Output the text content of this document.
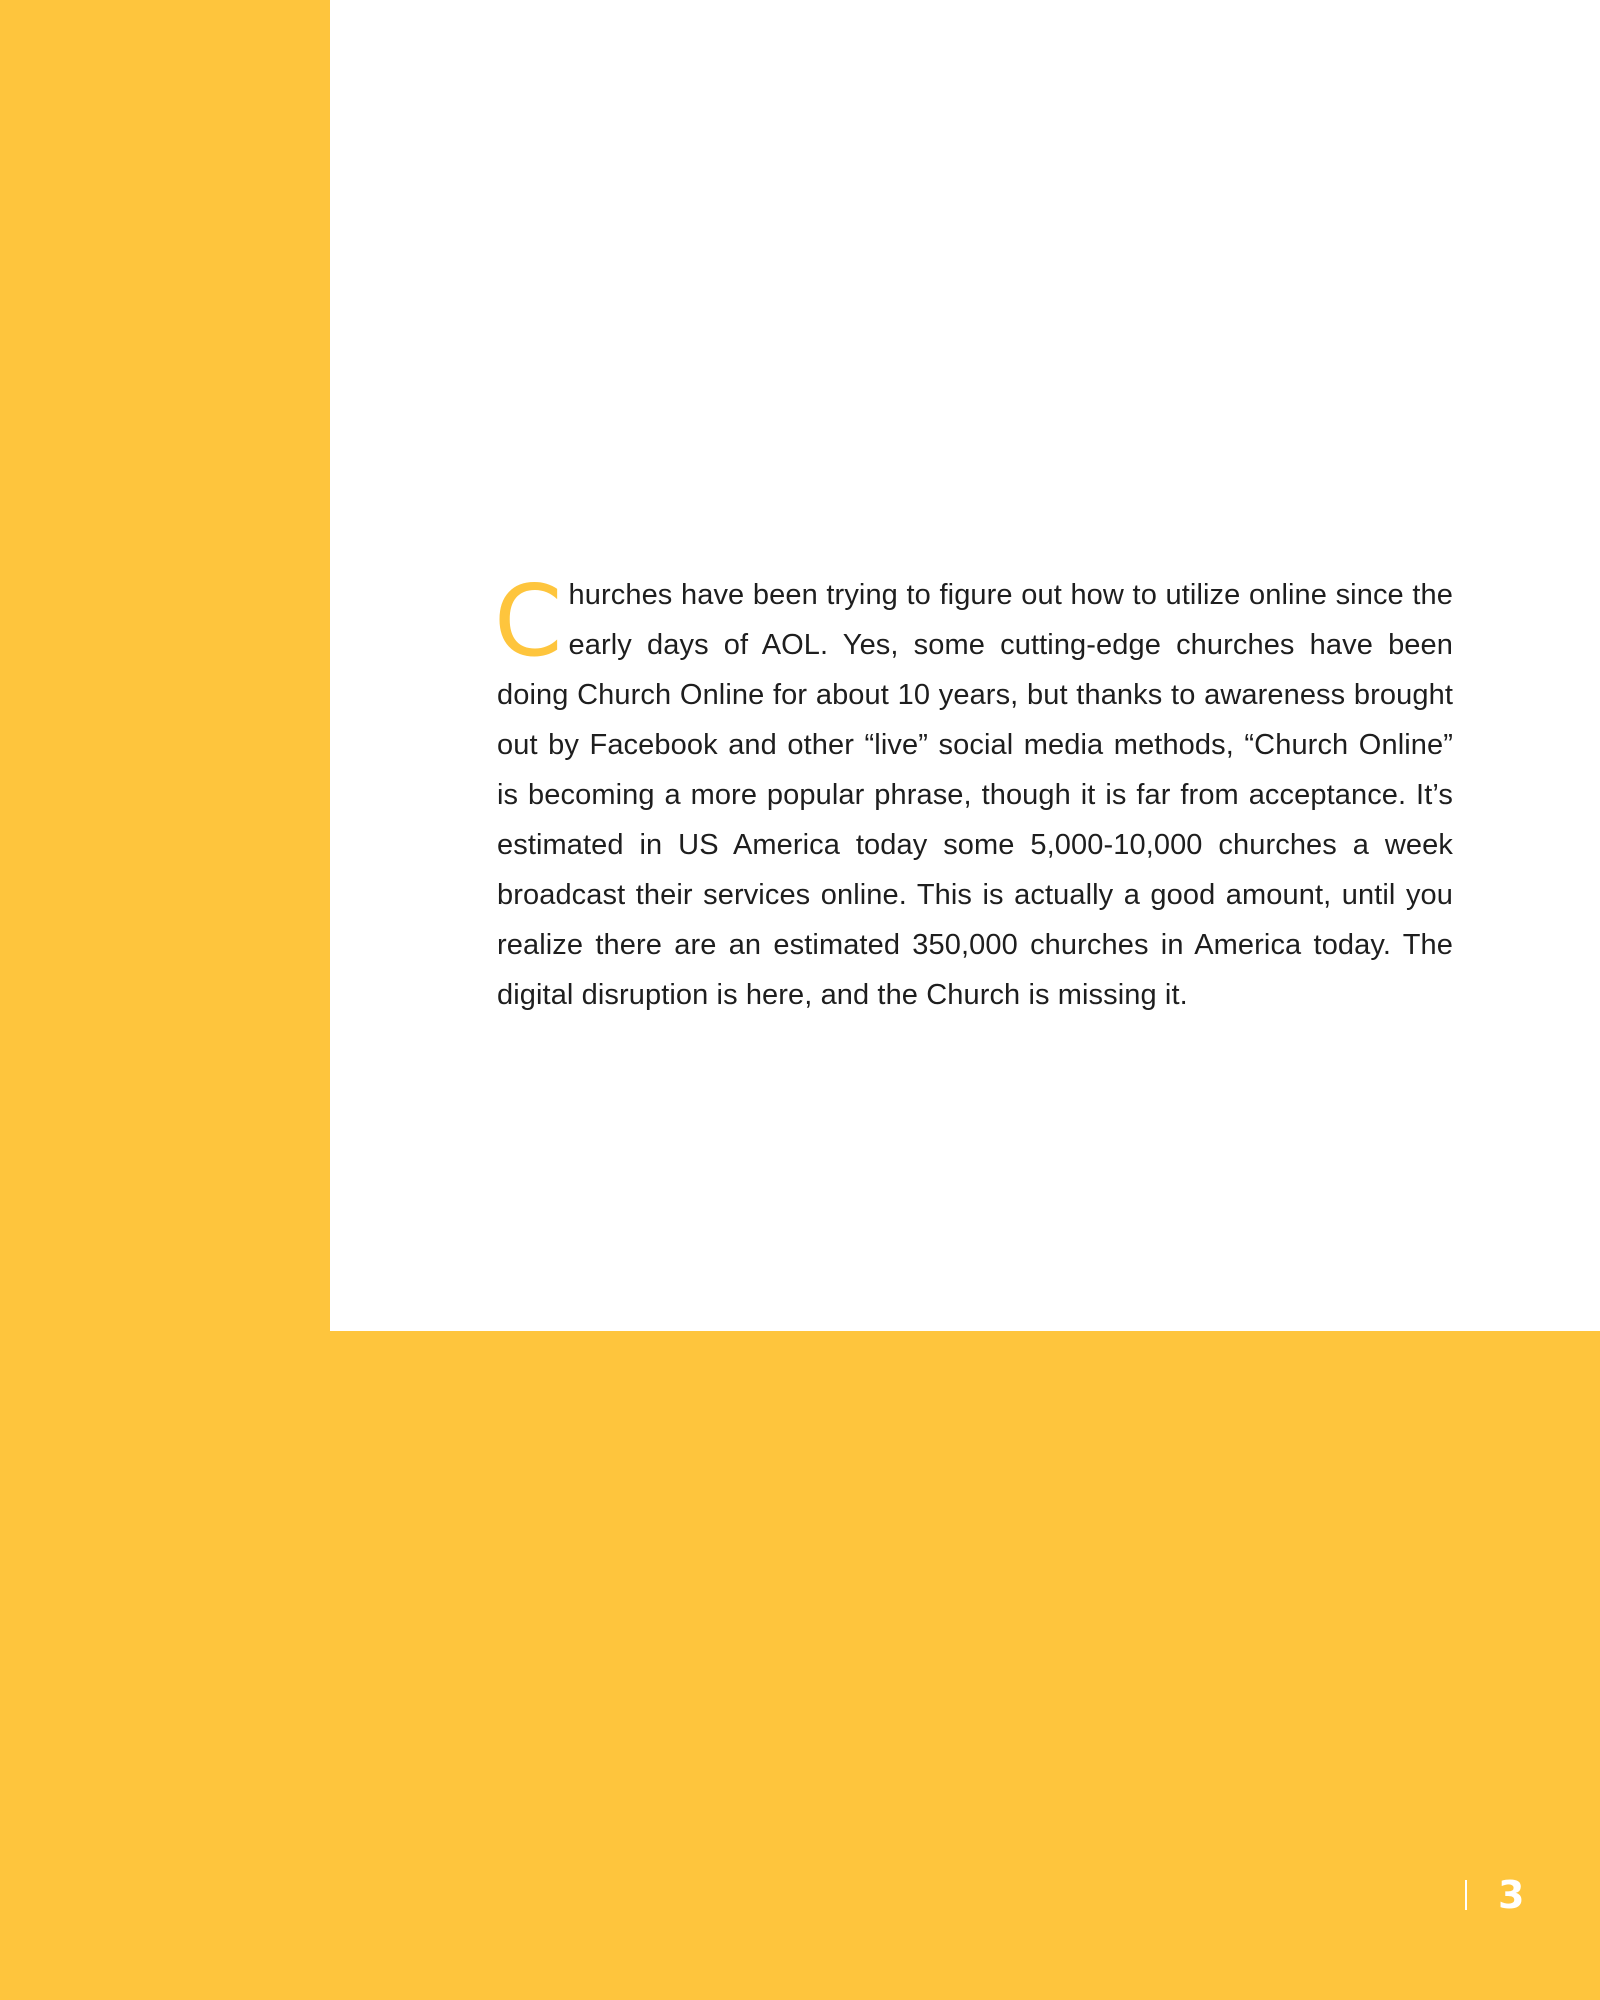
Churches have been trying to figure out how to utilize online since the early days of AOL. Yes, some cutting-edge churches have been doing Church Online for about 10 years, but thanks to awareness brought out by Facebook and other “live” social media methods, “Church Online” is becoming a more popular phrase, though it is far from acceptance. It’s estimated in US America today some 5,000-10,000 churches a week broadcast their services online. This is actually a good amount, until you realize there are an estimated 350,000 churches in America today. The digital disruption is here, and the Church is missing it.

3
